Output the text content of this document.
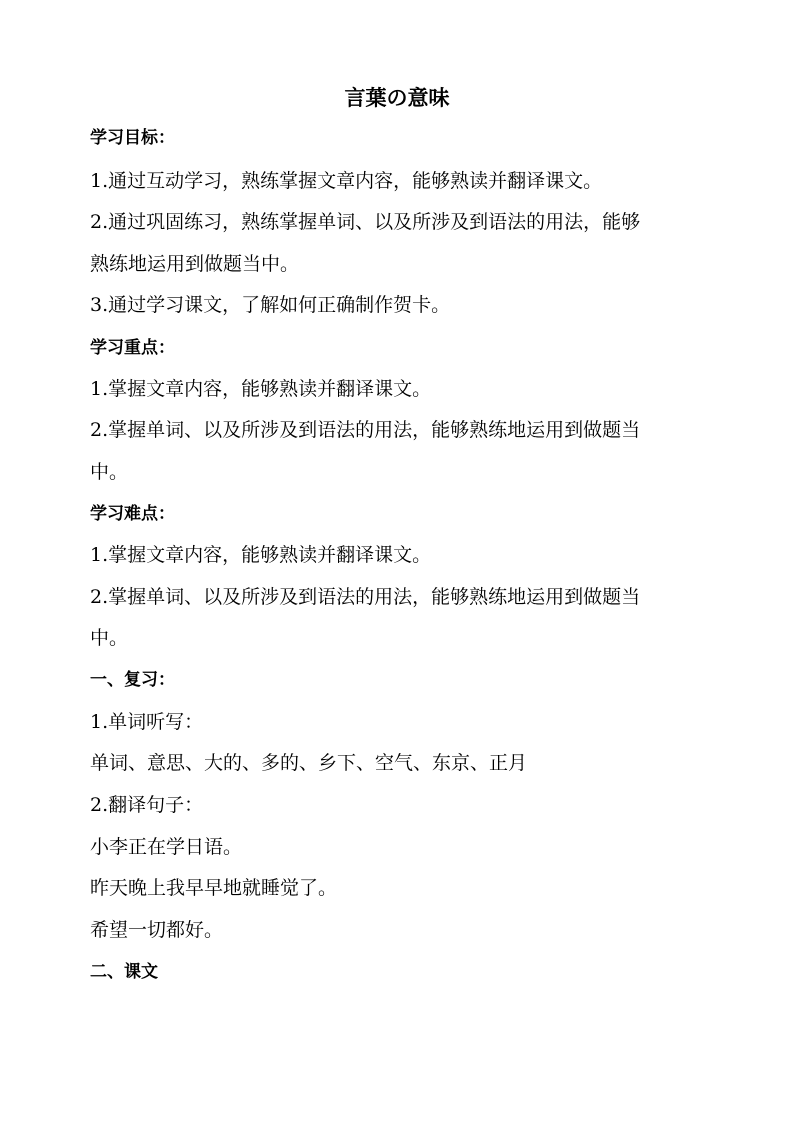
言葉の意味
学习目标：
1.通过互动学习，熟练掌握文章内容，能够熟读并翻译课文。
2.通过巩固练习，熟练掌握单词、以及所涉及到语法的用法，能够
熟练地运用到做题当中。
3.通过学习课文，了解如何正确制作贺卡。
学习重点：
1.掌握文章内容，能够熟读并翻译课文。
2.掌握单词、以及所涉及到语法的用法，能够熟练地运用到做题当
中。
学习难点：
1.掌握文章内容，能够熟读并翻译课文。
2.掌握单词、以及所涉及到语法的用法，能够熟练地运用到做题当
中。
一、复习：
1.单词听写：
单词、意思、大的、多的、乡下、空气、东京、正月
2.翻译句子：
小李正在学日语。
昨天晚上我早早地就睡觉了。
希望一切都好。
二、课文
